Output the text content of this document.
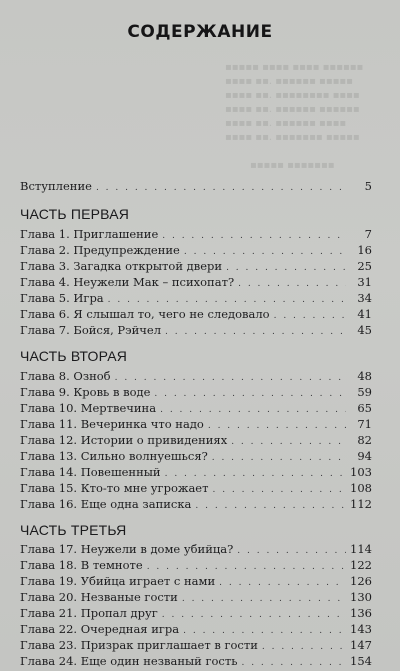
▪▪▪▪▪ ▪▪▪▪ ▪▪▪▪ ▪▪▪▪▪▪
▪▪▪▪ ▪▪. ▪▪▪▪▪▪ ▪▪▪▪▪
▪▪▪▪ ▪▪. ▪▪▪▪▪▪▪▪ ▪▪▪▪
▪▪▪▪ ▪▪. ▪▪▪▪▪▪ ▪▪▪▪▪▪
▪▪▪▪ ▪▪. ▪▪▪▪▪▪ ▪▪▪▪
▪▪▪▪ ▪▪. ▪▪▪▪▪▪▪ ▪▪▪▪▪
▪▪▪▪▪ ▪▪▪▪▪▪▪
СОДЕРЖАНИЕ
Вступление . . .	5
ЧАСТЬ ПЕРВАЯ
Глава 1. Приглашение . . .	7
Глава 2. Предупреждение . . .	16
Глава 3. Загадка открытой двери . . .	25
Глава 4. Неужели Мак – психопат? . . .	31
Глава 5. Игра . . .	34
Глава 6. Я слышал то, чего не следовало . . .	41
Глава 7. Бойся, Рэйчел . . .	45
ЧАСТЬ ВТОРАЯ
Глава 8. Озноб . . .	48
Глава 9. Кровь в воде . . .	59
Глава 10. Мертвечина . . .	65
Глава 11. Вечеринка что надо . . .	71
Глава 12. Истории о привидениях . . .	82
Глава 13. Сильно волнуешься? . . .	94
Глава 14. Повешенный . . .	103
Глава 15. Кто-то мне угрожает . . .	108
Глава 16. Еще одна записка . . .	112
ЧАСТЬ ТРЕТЬЯ
Глава 17. Неужели в доме убийца? . . .	114
Глава 18. В темноте . . .	122
Глава 19. Убийца играет с нами . . .	126
Глава 20. Незваные гости . . .	130
Глава 21. Пропал друг . . .	136
Глава 22. Очередная игра . . .	143
Глава 23. Призрак приглашает в гости . . .	147
Глава 24. Еще один незваный гость . . .	154
